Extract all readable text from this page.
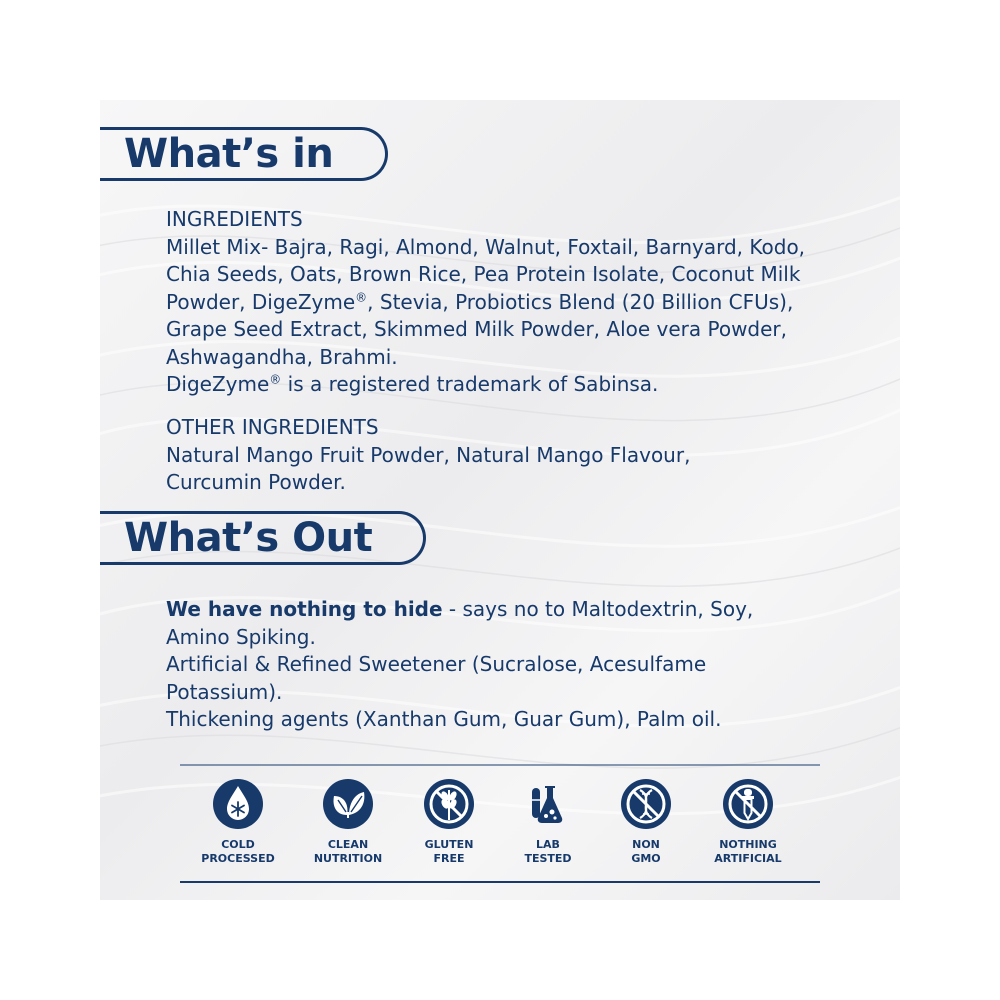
What’s in
INGREDIENTS
Millet Mix- Bajra, Ragi, Almond, Walnut, Foxtail, Barnyard, Kodo,
Chia Seeds, Oats, Brown Rice, Pea Protein Isolate, Coconut Milk
Powder, DigeZyme®, Stevia, Probiotics Blend (20 Billion CFUs),
Grape Seed Extract, Skimmed Milk Powder, Aloe vera Powder,
Ashwagandha, Brahmi.
DigeZyme® is a registered trademark of Sabinsa.
OTHER INGREDIENTS
Natural Mango Fruit Powder, Natural Mango Flavour,
Curcumin Powder.
What’s Out
We have nothing to hide - says no to Maltodextrin, Soy,
Amino Spiking.
Artificial & Refined Sweetener (Sucralose, Acesulfame
Potassium).
Thickening agents (Xanthan Gum, Guar Gum), Palm oil.
COLD
PROCESSED
CLEAN
NUTRITION
GLUTEN
FREE
LAB
TESTED
NON
GMO
NOTHING
ARTIFICIAL
